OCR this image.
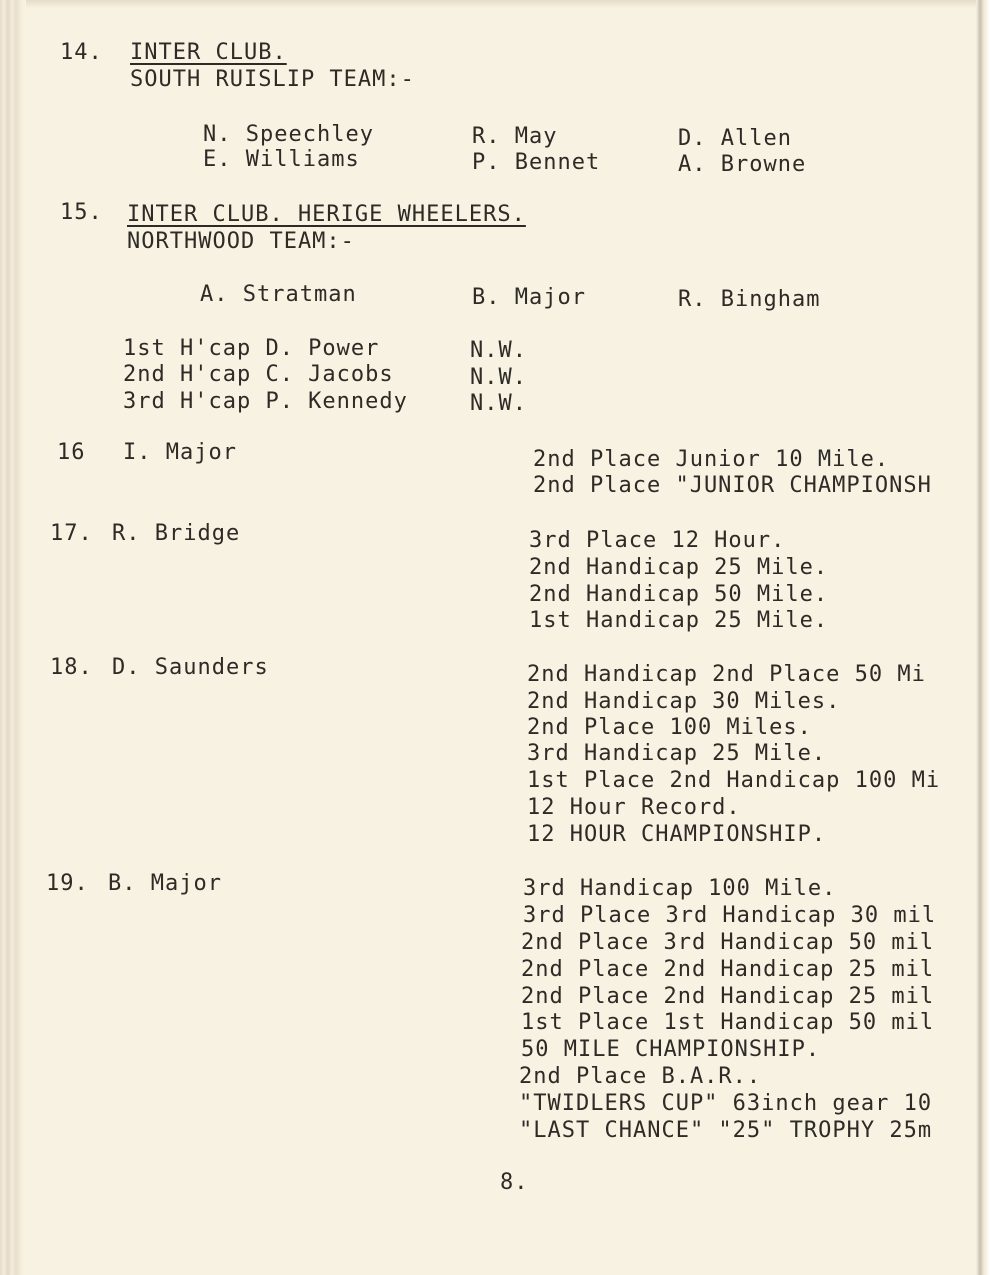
14. INTER CLUB.
SOUTH RUISLIP TEAM:-
N. Speechley	R. May	D. Allen
E. Williams	P. Bennet	A. Browne
15. INTER CLUB. HERIGE WHEELERS.
NORTHWOOD TEAM:-
A. Stratman	B. Major	R. Bingham
1st H'cap D. Power	N.W.
2nd H'cap C. Jacobs	N.W.
3rd H'cap P. Kennedy	N.W.
16 I. Major	2nd Place Junior 10 Mile.
2nd Place "JUNIOR CHAMPIONSH
17. R. Bridge	3rd Place 12 Hour.
2nd Handicap 25 Mile.
2nd Handicap 50 Mile.
1st Handicap 25 Mile.
18. D. Saunders	2nd Handicap 2nd Place 50 Mi
2nd Handicap 30 Miles.
2nd Place 100 Miles.
3rd Handicap 25 Mile.
1st Place 2nd Handicap 100 Mi
12 Hour Record.
12 HOUR CHAMPIONSHIP.
19. B. Major	3rd Handicap 100 Mile.
3rd Place 3rd Handicap 30 mil
2nd Place 3rd Handicap 50 mil
2nd Place 2nd Handicap 25 mil
2nd Place 2nd Handicap 25 mil
1st Place 1st Handicap 50 mil
50 MILE CHAMPIONSHIP.
2nd Place B.A.R..
"TWIDLERS CUP" 63inch gear 10
"LAST CHANCE" "25" TROPHY 25m
8.
